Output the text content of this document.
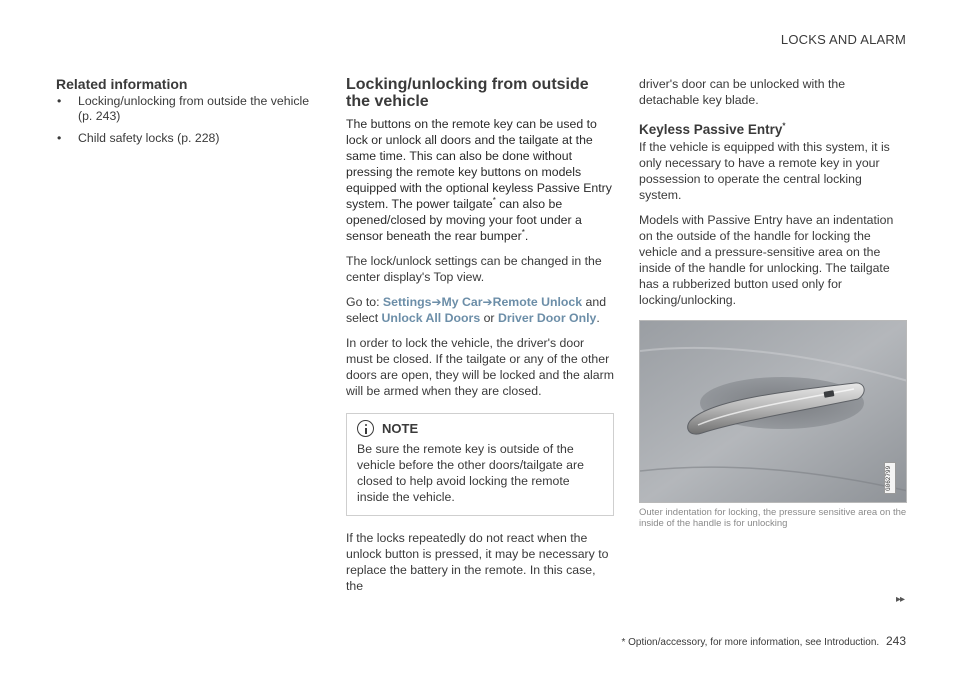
LOCKS AND ALARM
Related information
• Locking/unlocking from outside the vehicle (p. 243)
• Child safety locks (p. 228)
Locking/unlocking from outside the vehicle

The buttons on the remote key can be used to lock or unlock all doors and the tailgate at the same time. This can also be done without pressing the remote key buttons on models equipped with the optional keyless Passive Entry system. The power tailgate* can also be opened/closed by moving your foot under a sensor beneath the rear bumper*.

The lock/unlock settings can be changed in the center display's Top view.

Go to: Settings➔My Car➔Remote Unlock and select Unlock All Doors or Driver Door Only.

In order to lock the vehicle, the driver's door must be closed. If the tailgate or any of the other doors are open, they will be locked and the alarm will be armed when they are closed.

NOTE

Be sure the remote key is outside of the vehicle before the other doors/tailgate are closed to help avoid locking the remote inside the vehicle.

If the locks repeatedly do not react when the unlock button is pressed, it may be necessary to replace the battery in the remote. In this case, the

driver's door can be unlocked with the detachable key blade.

Keyless Passive Entry*

If the vehicle is equipped with this system, it is only necessary to have a remote key in your possession to operate the central locking system.

Models with Passive Entry have an indentation on the outside of the handle for locking the vehicle and a pressure-sensitive area on the inside of the handle for unlocking. The tailgate has a rubberized button used only for locking/unlocking.

G062799
Outer indentation for locking, the pressure sensitive area on the inside of the handle is for unlocking
▸▸
* Option/accessory, for more information, see Introduction. 243
